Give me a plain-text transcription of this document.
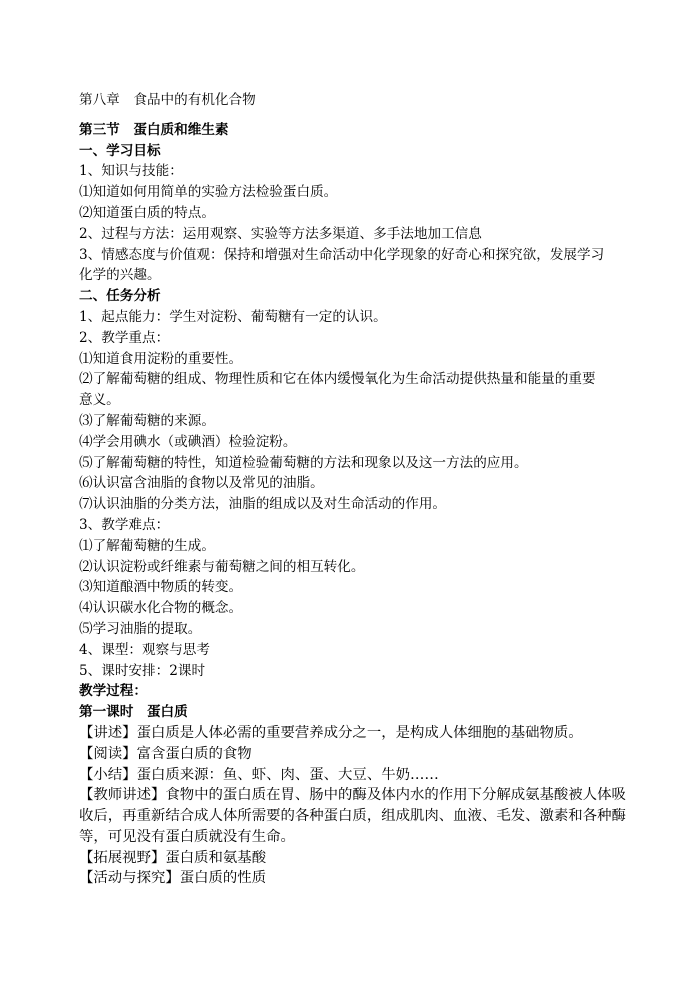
第八章　食品中的有机化合物
第三节　蛋白质和维生素
一、学习目标
1、知识与技能：
⑴知道如何用简单的实验方法检验蛋白质。
⑵知道蛋白质的特点。
2、过程与方法：运用观察、实验等方法多渠道、多手法地加工信息
3、情感态度与价值观：保持和增强对生命活动中化学现象的好奇心和探究欲，发展学习
化学的兴趣。
二、任务分析
1、起点能力：学生对淀粉、葡萄糖有一定的认识。
2、教学重点：
⑴知道食用淀粉的重要性。
⑵了解葡萄糖的组成、物理性质和它在体内缓慢氧化为生命活动提供热量和能量的重要
意义。
⑶了解葡萄糖的来源。
⑷学会用碘水（或碘酒）检验淀粉。
⑸了解葡萄糖的特性，知道检验葡萄糖的方法和现象以及这一方法的应用。
⑹认识富含油脂的食物以及常见的油脂。
⑺认识油脂的分类方法，油脂的组成以及对生命活动的作用。
3、教学难点：
⑴了解葡萄糖的生成。
⑵认识淀粉或纤维素与葡萄糖之间的相互转化。
⑶知道酿酒中物质的转变。
⑷认识碳水化合物的概念。
⑸学习油脂的提取。
4、课型：观察与思考
5、课时安排：2课时
教学过程：
第一课时　蛋白质
【讲述】蛋白质是人体必需的重要营养成分之一，是构成人体细胞的基础物质。
【阅读】富含蛋白质的食物
【小结】蛋白质来源：鱼、虾、肉、蛋、大豆、牛奶……
【教师讲述】食物中的蛋白质在胃、肠中的酶及体内水的作用下分解成氨基酸被人体吸
收后，再重新结合成人体所需要的各种蛋白质，组成肌肉、血液、毛发、激素和各种酶
等，可见没有蛋白质就没有生命。
【拓展视野】蛋白质和氨基酸
【活动与探究】蛋白质的性质
